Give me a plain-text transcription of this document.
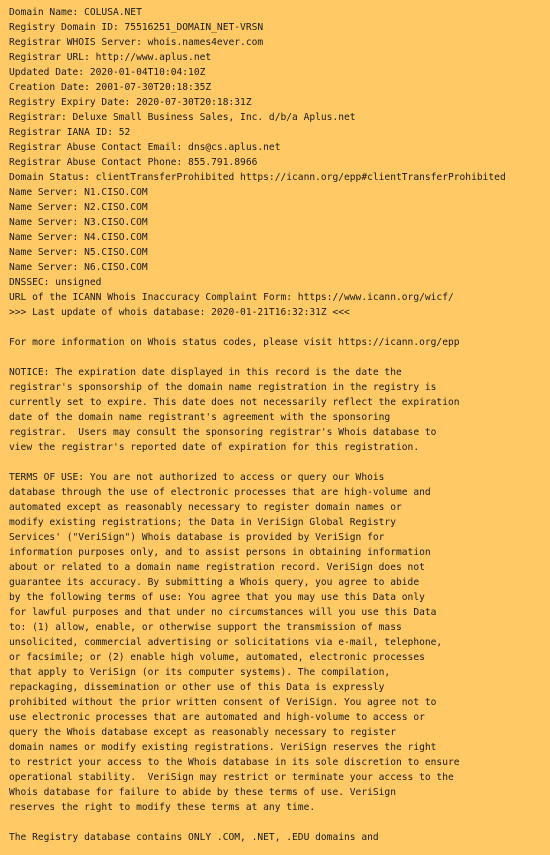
Domain Name: COLUSA.NET
Registry Domain ID: 75516251_DOMAIN_NET-VRSN
Registrar WHOIS Server: whois.names4ever.com
Registrar URL: http://www.aplus.net
Updated Date: 2020-01-04T10:04:10Z
Creation Date: 2001-07-30T20:18:35Z
Registry Expiry Date: 2020-07-30T20:18:31Z
Registrar: Deluxe Small Business Sales, Inc. d/b/a Aplus.net
Registrar IANA ID: 52
Registrar Abuse Contact Email: dns@cs.aplus.net
Registrar Abuse Contact Phone: 855.791.8966
Domain Status: clientTransferProhibited https://icann.org/epp#clientTransferProhibited
Name Server: N1.CISO.COM
Name Server: N2.CISO.COM
Name Server: N3.CISO.COM
Name Server: N4.CISO.COM
Name Server: N5.CISO.COM
Name Server: N6.CISO.COM
DNSSEC: unsigned
URL of the ICANN Whois Inaccuracy Complaint Form: https://www.icann.org/wicf/
>>> Last update of whois database: 2020-01-21T16:32:31Z <<<
For more information on Whois status codes, please visit https://icann.org/epp
NOTICE: The expiration date displayed in this record is the date the
registrar's sponsorship of the domain name registration in the registry is
currently set to expire. This date does not necessarily reflect the expiration
date of the domain name registrant's agreement with the sponsoring
registrar.  Users may consult the sponsoring registrar's Whois database to
view the registrar's reported date of expiration for this registration.
TERMS OF USE: You are not authorized to access or query our Whois
database through the use of electronic processes that are high-volume and
automated except as reasonably necessary to register domain names or
modify existing registrations; the Data in VeriSign Global Registry
Services' ("VeriSign") Whois database is provided by VeriSign for
information purposes only, and to assist persons in obtaining information
about or related to a domain name registration record. VeriSign does not
guarantee its accuracy. By submitting a Whois query, you agree to abide
by the following terms of use: You agree that you may use this Data only
for lawful purposes and that under no circumstances will you use this Data
to: (1) allow, enable, or otherwise support the transmission of mass
unsolicited, commercial advertising or solicitations via e-mail, telephone,
or facsimile; or (2) enable high volume, automated, electronic processes
that apply to VeriSign (or its computer systems). The compilation,
repackaging, dissemination or other use of this Data is expressly
prohibited without the prior written consent of VeriSign. You agree not to
use electronic processes that are automated and high-volume to access or
query the Whois database except as reasonably necessary to register
domain names or modify existing registrations. VeriSign reserves the right
to restrict your access to the Whois database in its sole discretion to ensure
operational stability.  VeriSign may restrict or terminate your access to the
Whois database for failure to abide by these terms of use. VeriSign
reserves the right to modify these terms at any time.
The Registry database contains ONLY .COM, .NET, .EDU domains and
